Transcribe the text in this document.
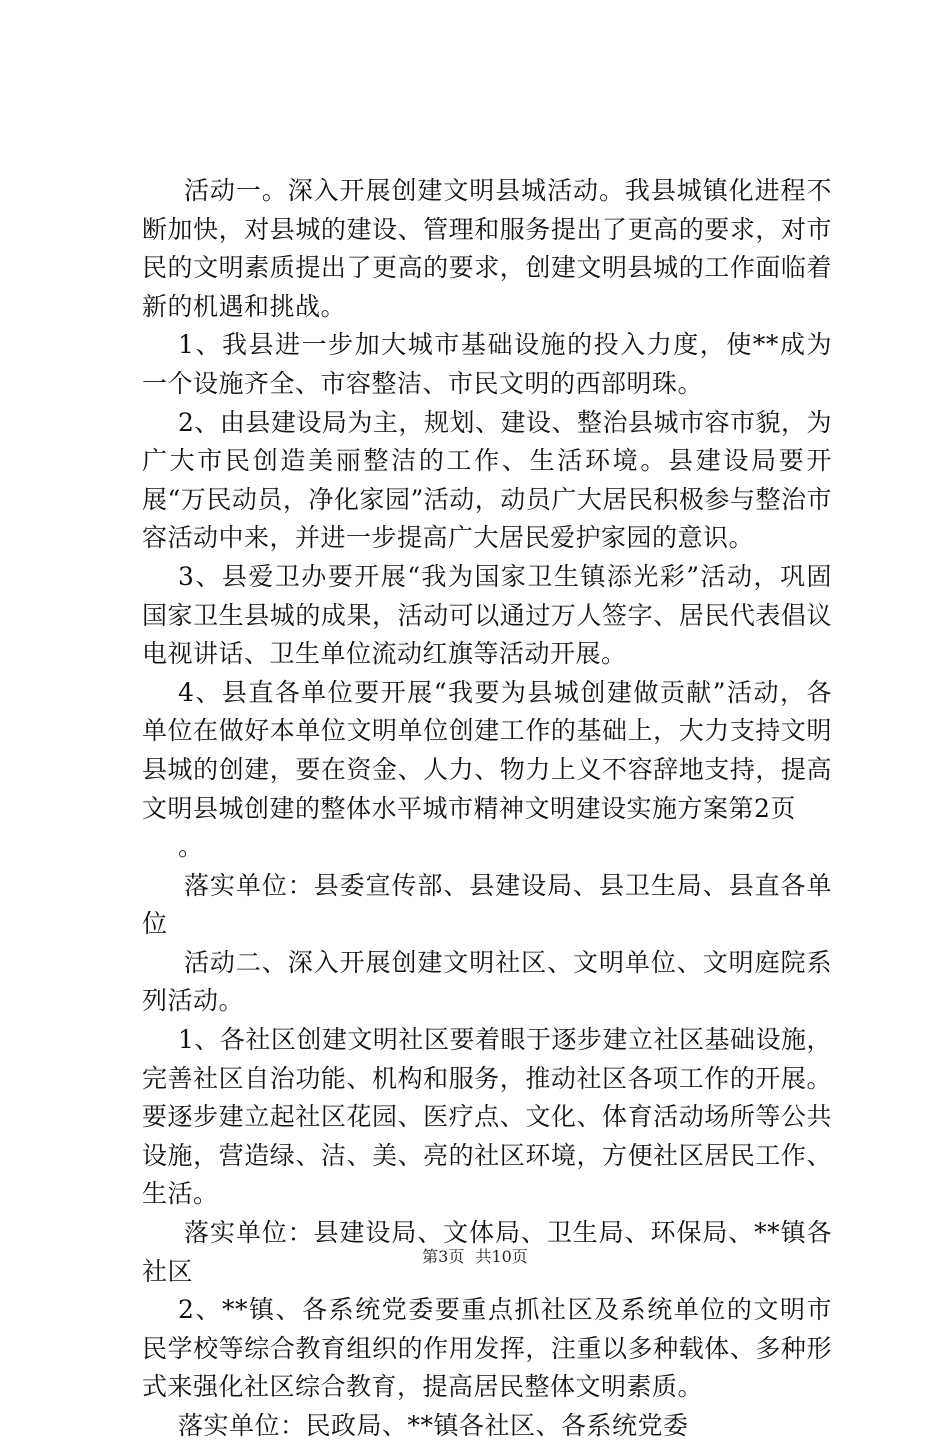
活动一。深入开展创建文明县城活动。我县城镇化进程不断加快，对县城的建设、管理和服务提出了更高的要求，对市民的文明素质提出了更高的要求，创建文明县城的工作面临着新的机遇和挑战。

1、我县进一步加大城市基础设施的投入力度，使**成为一个设施齐全、市容整洁、市民文明的西部明珠。

2、由县建设局为主，规划、建设、整治县城市容市貌，为广大市民创造美丽整洁的工作、生活环境。县建设局要开展“万民动员，净化家园”活动，动员广大居民积极参与整治市容活动中来，并进一步提高广大居民爱护家园的意识。

3、县爱卫办要开展“我为国家卫生镇添光彩”活动，巩固国家卫生县城的成果，活动可以通过万人签字、居民代表倡议电视讲话、卫生单位流动红旗等活动开展。

4、县直各单位要开展“我要为县城创建做贡献”活动，各单位在做好本单位文明单位创建工作的基础上，大力支持文明县城的创建，要在资金、人力、物力上义不容辞地支持，提高文明县城创建的整体水平城市精神文明建设实施方案第2页

。

落实单位：县委宣传部、县建设局、县卫生局、县直各单位

活动二、深入开展创建文明社区、文明单位、文明庭院系列活动。

1、各社区创建文明社区要着眼于逐步建立社区基础设施，完善社区自治功能、机构和服务，推动社区各项工作的开展。要逐步建立起社区花园、医疗点、文化、体育活动场所等公共设施，营造绿、洁、美、亮的社区环境，方便社区居民工作、生活。

落实单位：县建设局、文体局、卫生局、环保局、**镇各社区

2、**镇、各系统党委要重点抓社区及系统单位的文明市民学校等综合教育组织的作用发挥，注重以多种载体、多种形式来强化社区综合教育，提高居民整体文明素质。

落实单位：民政局、**镇各社区、各系统党委

第3页 共10页
